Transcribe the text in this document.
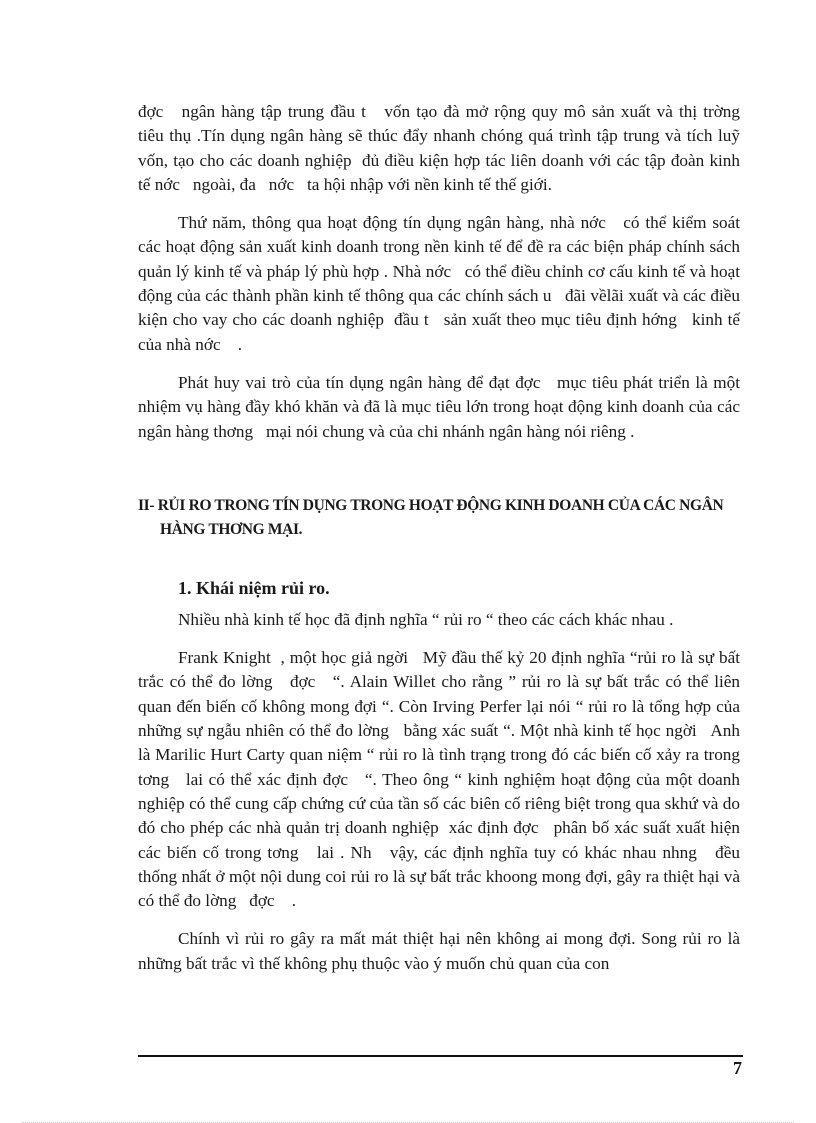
đợc   ngân hàng tập trung đầu t   vốn tạo đà mở rộng quy mô sản xuất và thị trờng     tiêu thụ .Tín dụng ngân hàng sẽ thúc đẩy nhanh chóng quá trình tập trung và tích luỹ vốn, tạo cho các doanh nghiệp  đủ điều kiện hợp tác liên doanh với các tập đoàn kinh tế nớc   ngoài, đa   nớc   ta hội nhập với nền kinh tế thế giới.

Thứ năm, thông qua hoạt động tín dụng ngân hàng, nhà nớc   có thể kiểm soát các hoạt động sản xuất kinh doanh trong nền kinh tế để đề ra các biện pháp chính sách quản lý kinh tế và pháp lý phù hợp . Nhà nớc   có thể điều chỉnh cơ cấu kinh tế và hoạt động của các thành phần kinh tế thông qua các chính sách u   đãi vềlãi xuất và các điều kiện cho vay cho các doanh nghiệp  đầu t   sản xuất theo mục tiêu định hớng   kinh tế của nhà nớc    .

Phát huy vai trò của tín dụng ngân hàng để đạt đợc   mục tiêu phát triển là một nhiệm vụ hàng đầy khó khăn và đã là mục tiêu lớn trong hoạt động kinh doanh của các ngân hàng thơng   mại nói chung và của chi nhánh ngân hàng nói riêng .

II- RỦI RO TRONG TÍN DỤNG TRONG HOẠT ĐỘNG KINH DOANH CỦA CÁC NGÂN HÀNG THƠNG MẠI.
1. Khái niệm rủi ro.

Nhiều nhà kinh tế học đã định nghĩa “ rủi ro “ theo các cách khác nhau .

Frank Knight  , một học giả ngời   Mỹ đầu thế kỷ 20 định nghĩa “rủi ro là sự bất trắc có thể đo lờng   đợc   “. Alain Willet cho rằng ” rủi ro là sự bất trắc có thể liên quan đến biến cố không mong đợi “. Còn Irving Perfer lại nói “ rủi ro là tổng hợp của những sự ngẫu nhiên có thể đo lờng   bằng xác suất “. Một nhà kinh tế học ngời   Anh là Marilic Hurt Carty quan niệm “ rủi ro là tình trạng trong đó các biến cố xảy ra trong tơng   lai có thể xác định đợc   “. Theo ông “ kinh nghiệm hoạt động của một doanh nghiệp có thể cung cấp chứng cứ của tần số các biên cố riêng biệt trong qua skhứ và do đó cho phép các nhà quản trị doanh nghiệp  xác định đợc   phân bố xác suất xuất hiện các biến cố trong tơng   lai . Nh   vậy, các định nghĩa tuy có khác nhau nhng   đều thống nhất ở một nội dung coi rủi ro là sự bất trắc khoong mong đợi, gây ra thiệt hại và có thể đo lờng   đợc    .

Chính vì rủi ro gây ra mất mát thiệt hại nên không ai mong đợi. Song rủi ro là những bất trắc vì thế không phụ thuộc vào ý muốn chủ quan của con

7
